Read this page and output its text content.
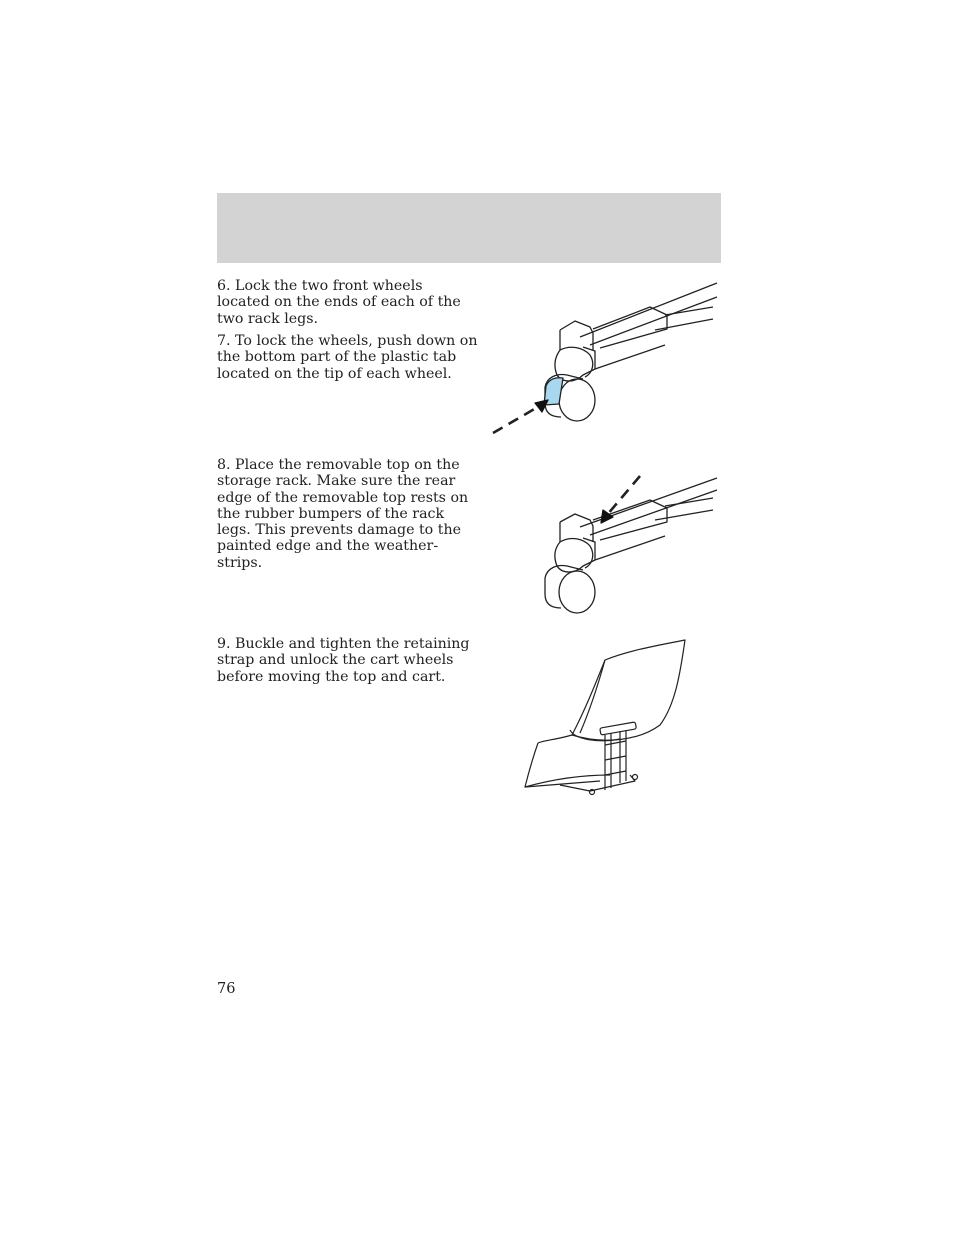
6. Lock the two front wheels located on the ends of each of the two rack legs.

7. To lock the wheels, push down on the bottom part of the plastic tab located on the tip of each wheel.

8. Place the removable top on the storage rack. Make sure the rear edge of the removable top rests on the rubber bumpers of the rack legs. This prevents damage to the painted edge and the weather-strips.

9. Buckle and tighten the retaining strap and unlock the cart wheels before moving the top and cart.

76
